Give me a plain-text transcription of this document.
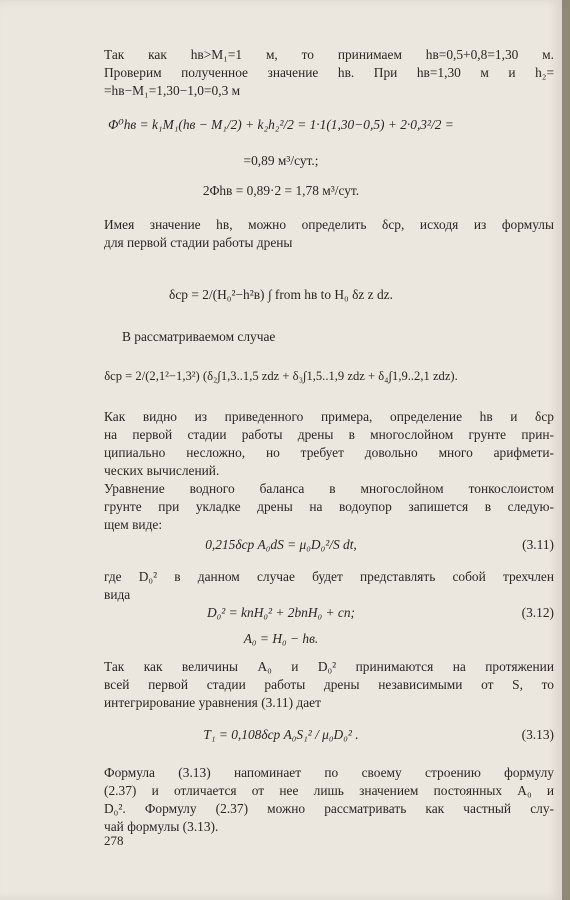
Так как hв>M₁=1 м, то принимаем hв=0,5+0,8=1,30 м.
Проверим полученное значение hв. При hв=1,30 м и h₂=
=hв−M₁=1,30−1,0=0,3 м
Φ⁰hв = k₁M₁(hв − M₁/2) + k₂h₂²/2 = 1·1(1,30−0,5) + 2·0,3²/2 =
=0,89 м³/сут.;
2Φhв = 0,89·2 = 1,78 м³/сут.
Имея значение hв, можно определить δср, исходя из формулы
для первой стадии работы дрены
δср = 2/(H₀²−h²в) ∫ from hв to H₀ δz z dz.
В рассматриваемом случае
δср = 2/(2,1²−1,3²) (δ₂∫1,3..1,5 zdz + δ₃∫1,5..1,9 zdz + δ₄∫1,9..2,1 zdz).
Как видно из приведенного примера, определение hв и δср
на первой стадии работы дрены в многослойном грунте прин-
ципиально несложно, но требует довольно много арифмети-
ческих вычислений.
Уравнение водного баланса в многослойном тонкослоистом
грунте при укладке дрены на водоупор запишется в следую-
щем виде:
0,215δср A₀dS = μ₀D₀²/S dt,	(3.11)
где D₀² в данном случае будет представлять собой трехчлен
вида
D₀² = knH₀² + 2bnH₀ + cn;	(3.12)
A₀ = H₀ − hв.
Так как величины A₀ и D₀² принимаются на протяжении
всей первой стадии работы дрены независимыми от S, то
интегрирование уравнения (3.11) дает
T₁ = 0,108δср A₀S₁² / μ₀D₀² .	(3.13)
Формула (3.13) напоминает по своему строению формулу
(2.37) и отличается от нее лишь значением постоянных A₀ и
D₀². Формулу (2.37) можно рассматривать как частный слу-
чай формулы (3.13).
278
